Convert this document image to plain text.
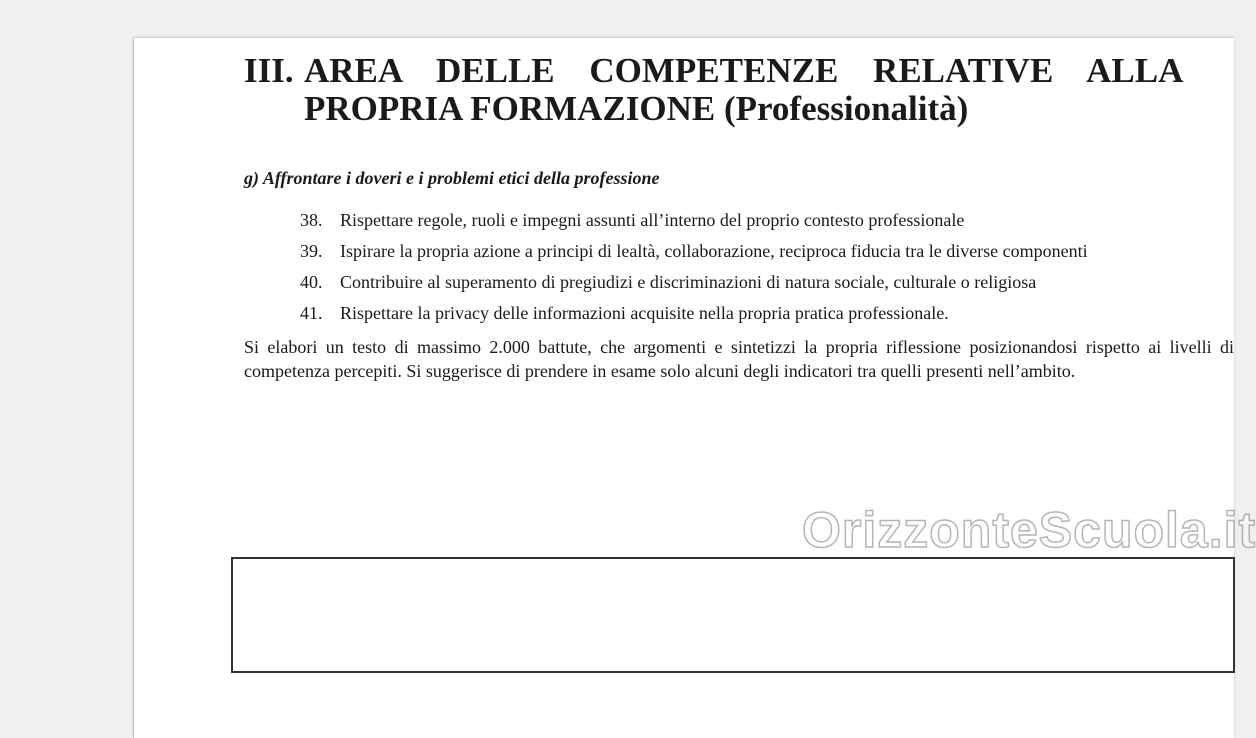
III. AREA DELLE COMPETENZE RELATIVE ALLA
PROPRIA FORMAZIONE (Professionalità)

g) Affrontare i doveri e i problemi etici della professione

38. Rispettare regole, ruoli e impegni assunti all’interno del proprio contesto professionale
39. Ispirare la propria azione a principi di lealtà, collaborazione, reciproca fiducia tra le diverse componenti
40. Contribuire al superamento di pregiudizi e discriminazioni di natura sociale, culturale o religiosa
41. Rispettare la privacy delle informazioni acquisite nella propria pratica professionale.

Si elabori un testo di massimo 2.000 battute, che argomenti e sintetizzi la propria riflessione posizionandosi rispetto ai livelli di competenza percepiti. Si suggerisce di prendere in esame solo alcuni degli indicatori tra quelli presenti nell’ambito.

OrizzonteScuola.it
